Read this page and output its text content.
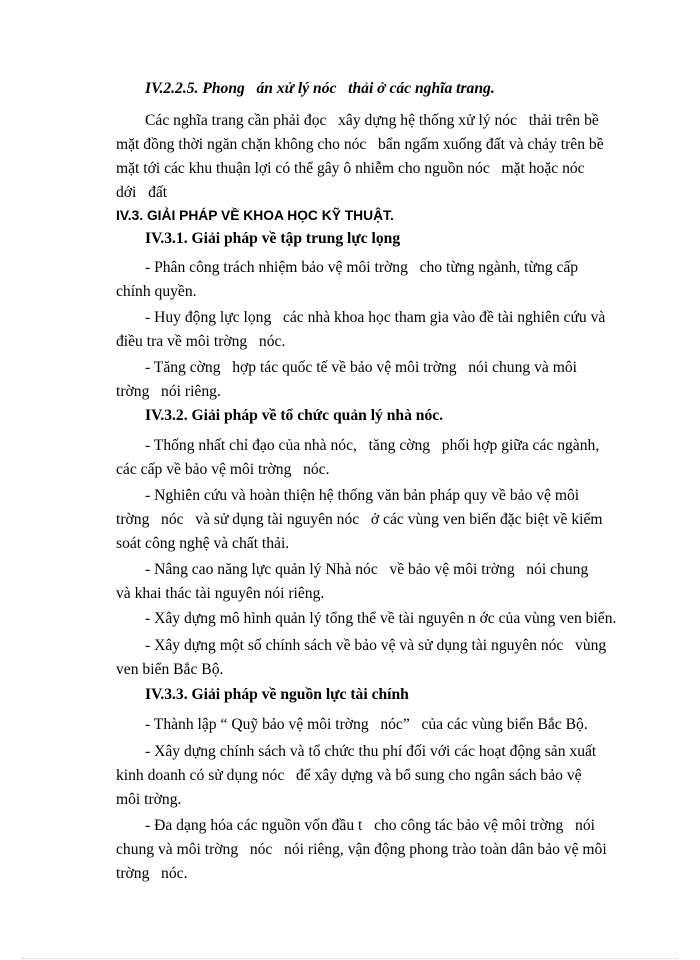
IV.2.2.5. Phong   án xử lý nóc   thải ở các nghĩa trang.
Các nghĩa trang cần phải đọc   xây dựng hệ thống xử lý nóc   thải trên bề
mặt đồng thời ngăn chặn không cho nóc   bẩn ngấm xuống đất và chảy trên bề
mặt tới các khu thuận lợi có thể gây ô nhiễm cho nguồn nóc   mặt hoặc nóc
dới   đất
IV.3. GIẢI PHÁP VỀ KHOA HỌC KỸ THUẬT.
IV.3.1. Giải pháp về tập trung lực lọng
- Phân công trách nhiệm bảo vệ môi trờng   cho từng ngành, từng cấp
chính quyền.
- Huy động lực lọng   các nhà khoa học tham gia vào đề tài nghiên cứu và
điều tra về môi trờng   nóc.
- Tăng cờng   hợp tác quốc tế về bảo vệ môi trờng   nói chung và môi
trờng   nói riêng.
IV.3.2. Giải pháp về tổ chức quản lý nhà nóc.
- Thống nhất chỉ đạo của nhà nóc,   tăng cờng   phối hợp giữa các ngành,
các cấp về bảo vệ môi trờng   nóc.
- Nghiên cứu và hoàn thiện hệ thống văn bản pháp quy về bảo vệ môi
trờng   nóc   và sử dụng tài nguyên nóc   ở các vùng ven biển đặc biệt về kiểm
soát công nghệ và chất thải.
- Nâng cao năng lực quản lý Nhà nóc   về bảo vệ môi trờng   nói chung
và khai thác tài nguyên nói riêng.
- Xây dựng mô hình quản lý tổng thể về tài nguyên n ớc của vùng ven biển.
- Xây dựng một số chính sách về bảo vệ và sử dụng tài nguyên nóc   vùng
ven biển Bắc Bộ.
IV.3.3. Giải pháp về nguồn lực tài chính
- Thành lập “ Quỹ bảo vệ môi trờng   nóc”   của các vùng biển Bắc Bộ.
- Xây dựng chính sách và tổ chức thu phí đối với các hoạt động sản xuất
kinh doanh có sử dụng nóc   để xây dựng và bổ sung cho ngân sách bảo vệ
môi trờng.
- Đa dạng hóa các nguồn vốn đầu t   cho công tác bảo vệ môi trờng   nói
chung và môi trờng   nóc   nói riêng, vận động phong trào toàn dân bảo vệ môi
trờng   nóc.
